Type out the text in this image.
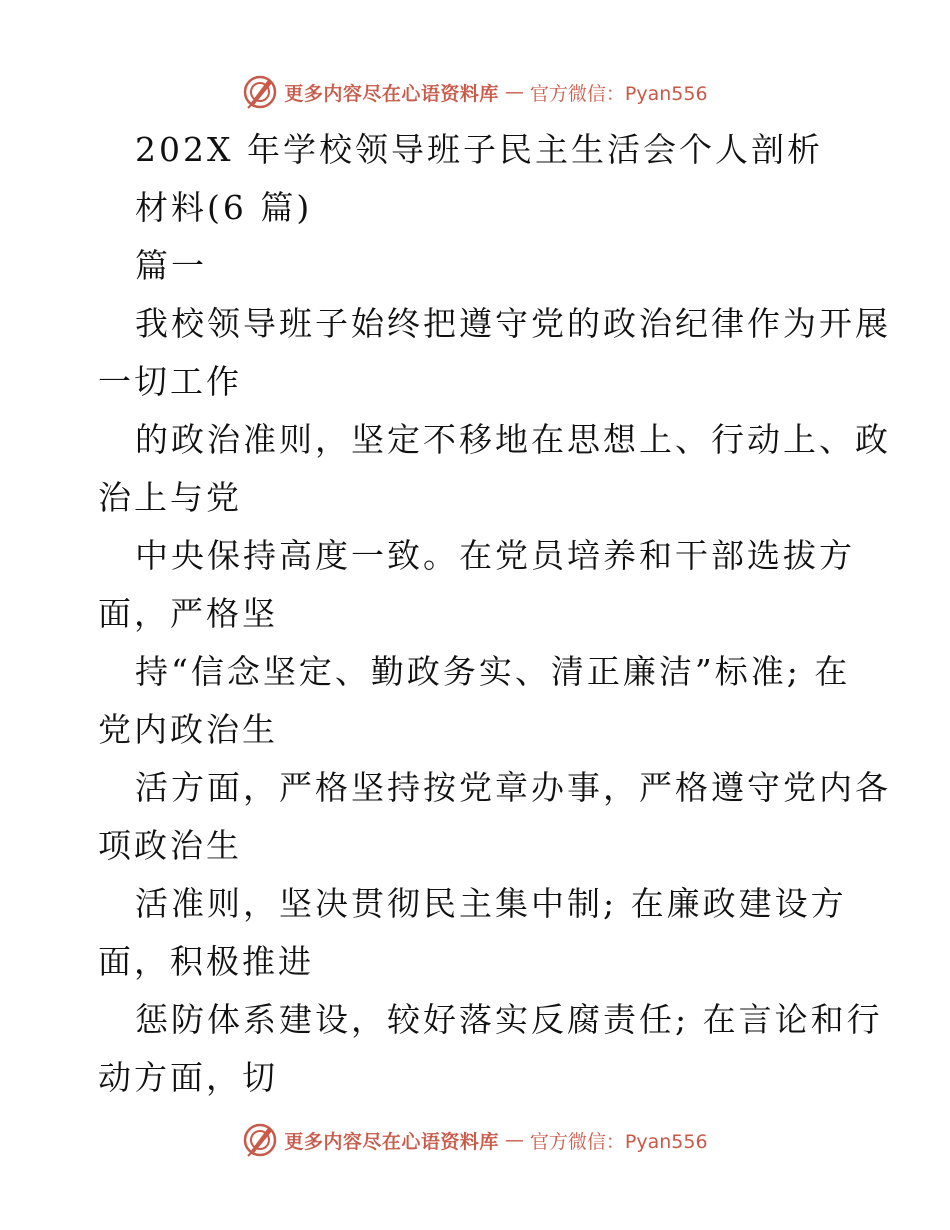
更多内容尽在心语资料库 — 官方微信：Pyan556
202X 年学校领导班子民主生活会个人剖析
材料(6 篇)
篇一
我校领导班子始终把遵守党的政治纪律作为开展
一切工作
的政治准则，坚定不移地在思想上、行动上、政
治上与党
中央保持高度一致。在党员培养和干部选拔方
面，严格坚
持“信念坚定、勤政务实、清正廉洁”标准; 在
党内政治生
活方面，严格坚持按党章办事，严格遵守党内各
项政治生
活准则，坚决贯彻民主集中制; 在廉政建设方
面，积极推进
惩防体系建设，较好落实反腐责任; 在言论和行
动方面，切
更多内容尽在心语资料库 — 官方微信：Pyan556
